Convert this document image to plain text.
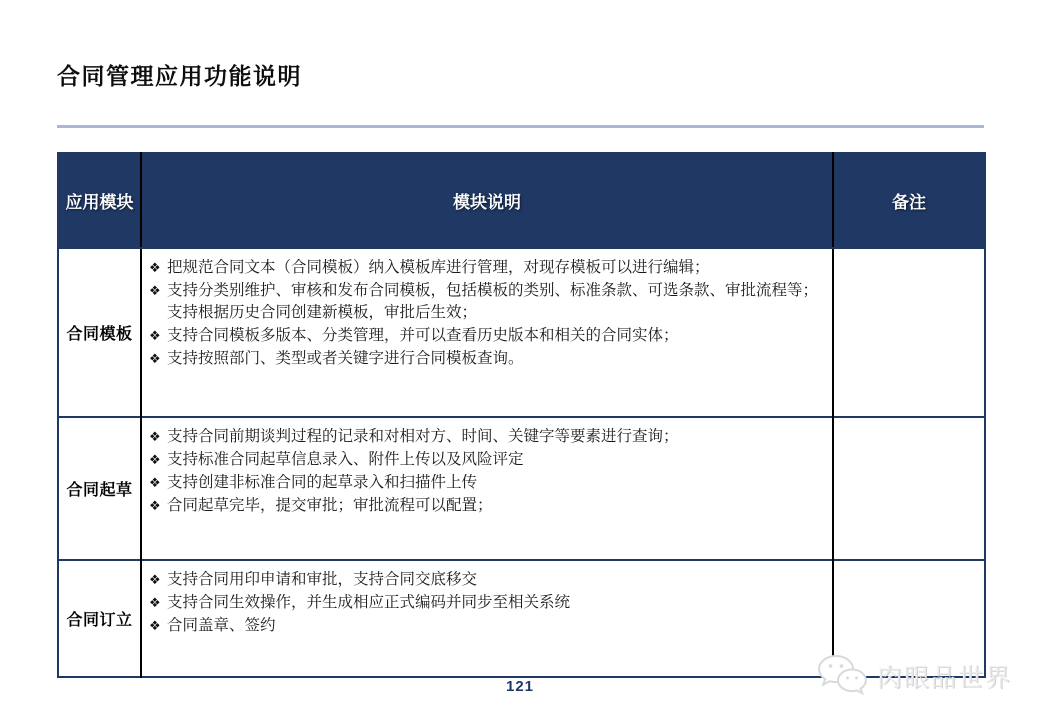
合同管理应用功能说明
应用模块	模块说明	备注
合同模板	
❖ 把规范合同文本（合同模板）纳入模板库进行管理，对现存模板可以进行编辑；
❖ 支持分类别维护、审核和发布合同模板，包括模板的类别、标准条款、可选条款、审批流程等；支持根据历史合同创建新模板，审批后生效；
❖ 支持合同模板多版本、分类管理，并可以查看历史版本和相关的合同实体；
❖ 支持按照部门、类型或者关键字进行合同模板查询。

合同起草	
❖ 支持合同前期谈判过程的记录和对相对方、时间、关键字等要素进行查询；
❖ 支持标准合同起草信息录入、附件上传以及风险评定
❖ 支持创建非标准合同的起草录入和扫描件上传
❖ 合同起草完毕，提交审批；审批流程可以配置；

合同订立	
❖ 支持合同用印申请和审批，支持合同交底移交
❖ 支持合同生效操作，并生成相应正式编码并同步至相关系统
❖ 合同盖章、签约

121	肉眼品世界
